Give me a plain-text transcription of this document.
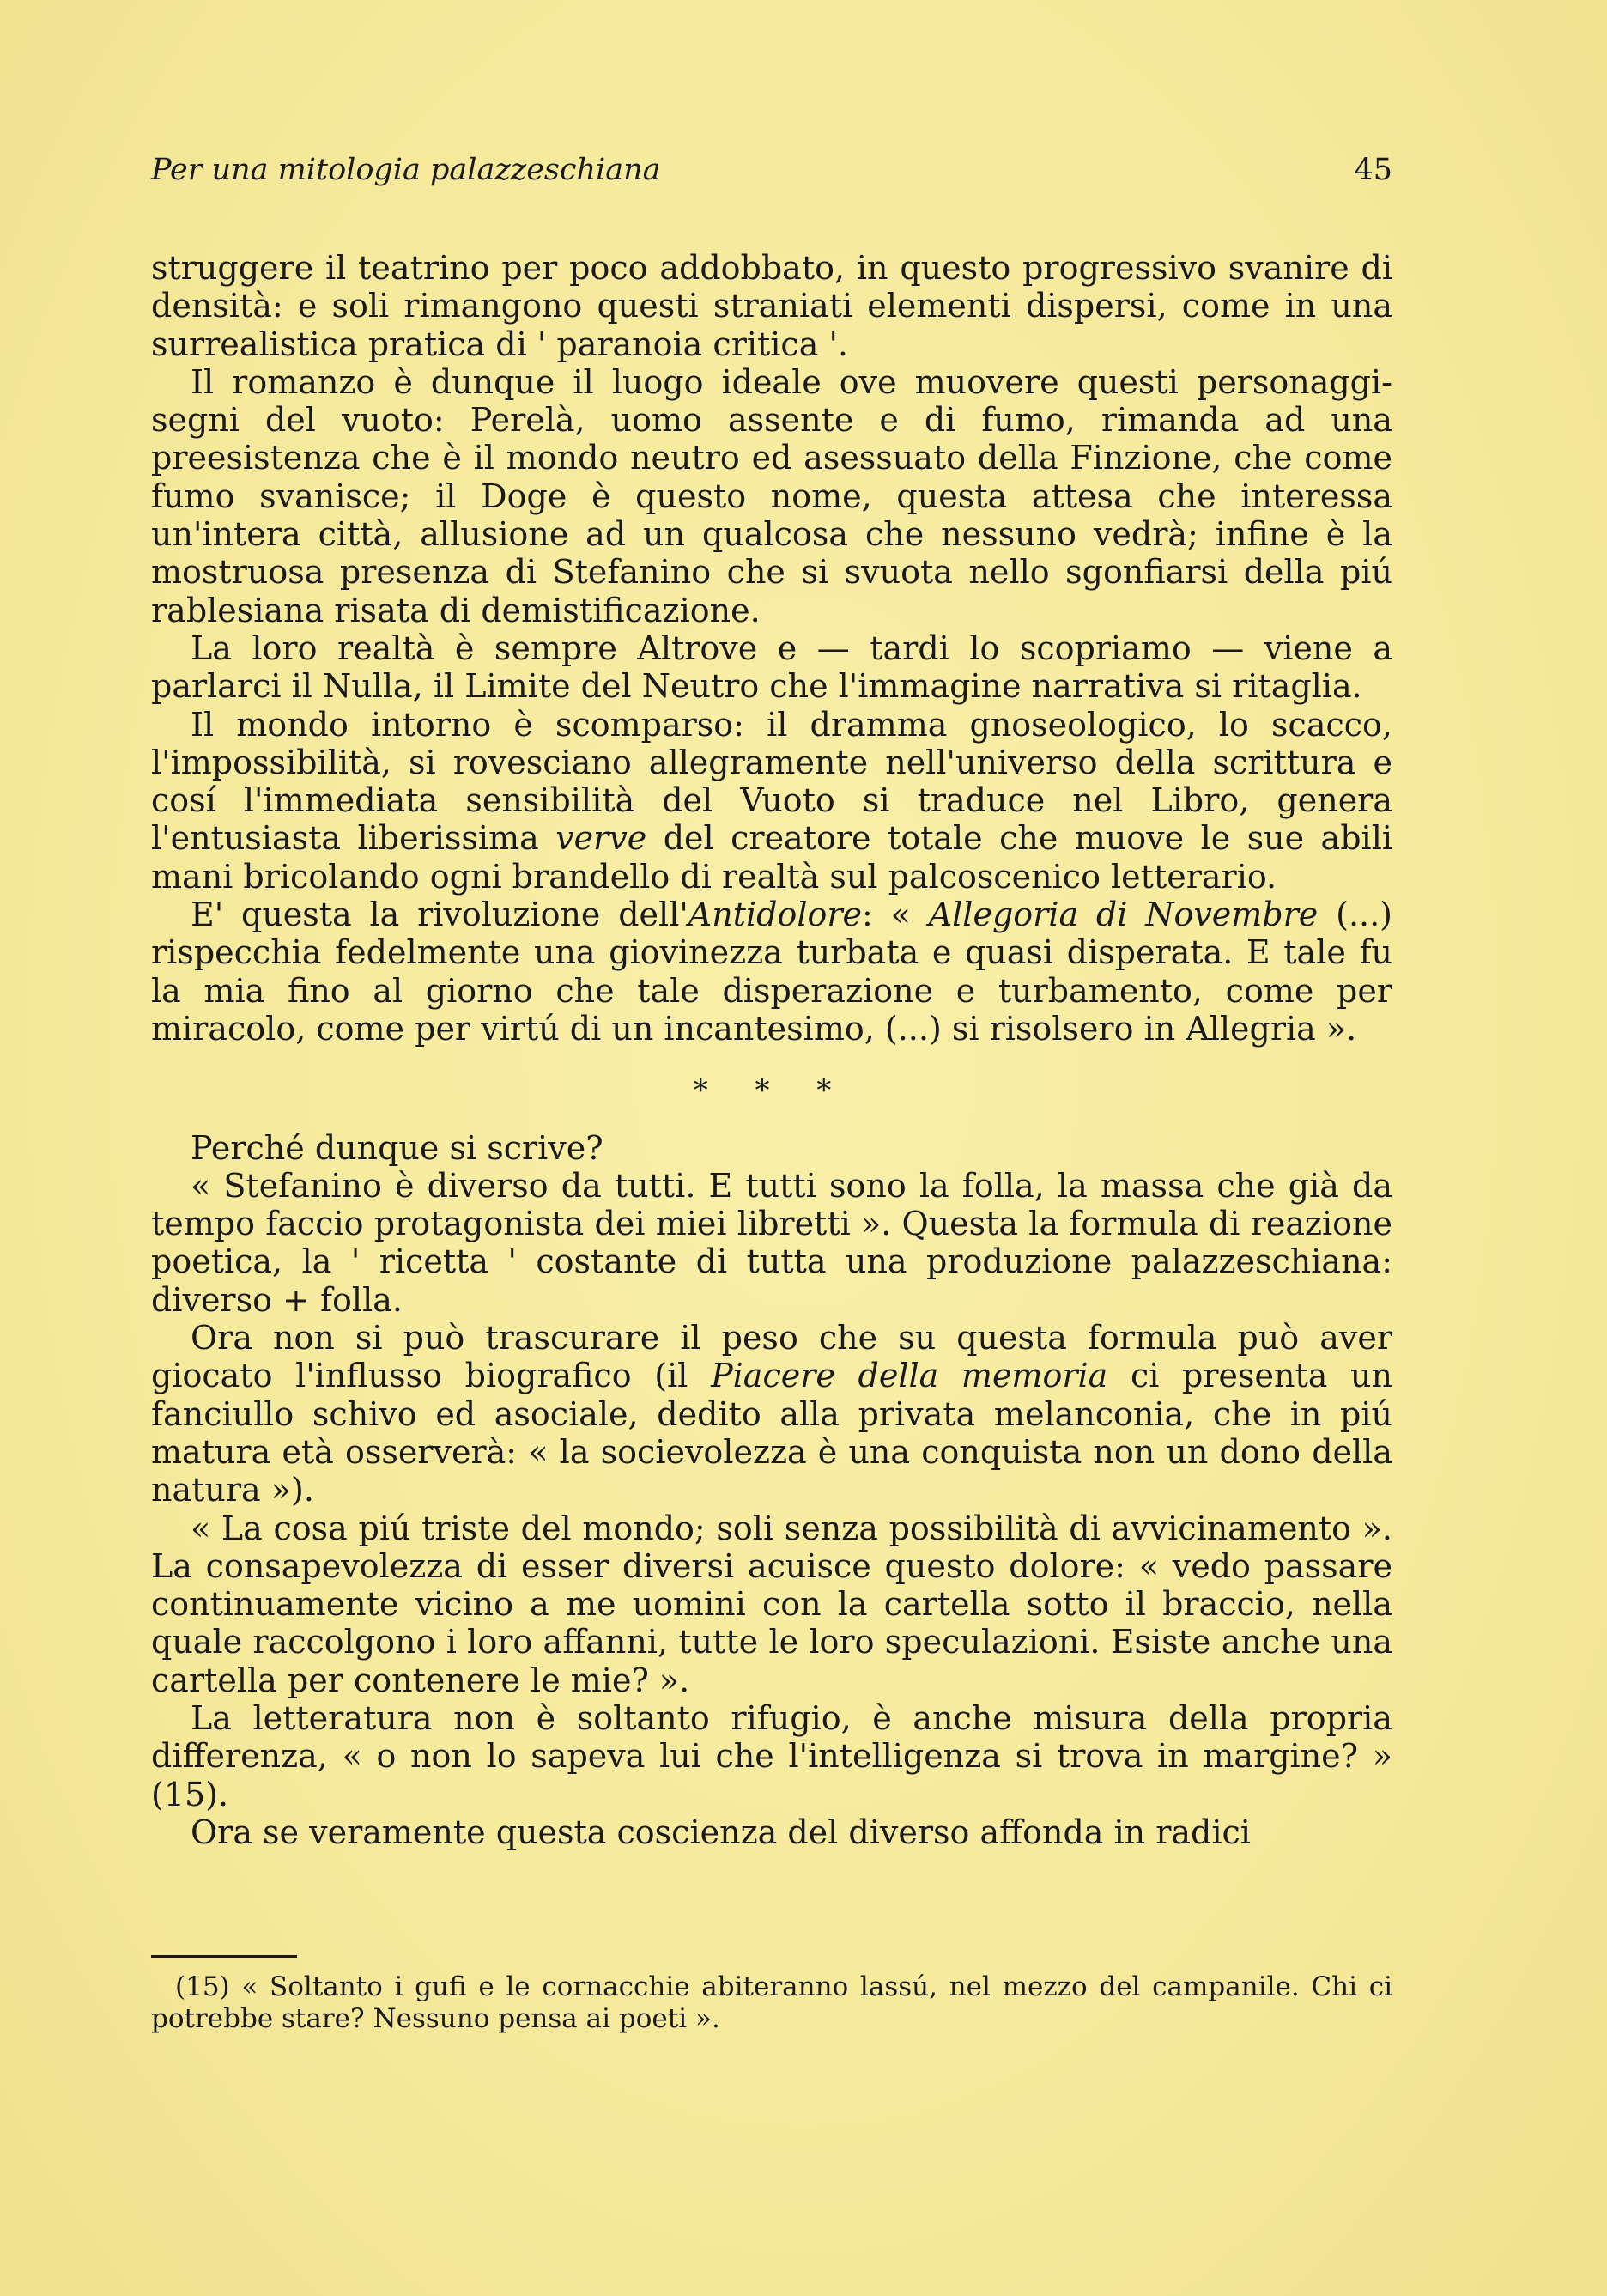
Per una mitologia palazzeschiana	45

struggere il teatrino per poco addobbato, in questo progressivo svanire di densità: e soli rimangono questi straniati elementi dispersi, come in una surrealistica pratica di ' paranoia critica '.

Il romanzo è dunque il luogo ideale ove muovere questi personaggi-segni del vuoto: Perelà, uomo assente e di fumo, rimanda ad una preesistenza che è il mondo neutro ed asessuato della Finzione, che come fumo svanisce; il Doge è questo nome, questa attesa che interessa un'intera città, allusione ad un qualcosa che nessuno vedrà; infine è la mostruosa presenza di Stefanino che si svuota nello sgonfiarsi della piú rablesiana risata di demistificazione.

La loro realtà è sempre Altrove e — tardi lo scopriamo — viene a parlarci il Nulla, il Limite del Neutro che l'immagine narrativa si ritaglia.

Il mondo intorno è scomparso: il dramma gnoseologico, lo scacco, l'impossibilità, si rovesciano allegramente nell'universo della scrittura e cosí l'immediata sensibilità del Vuoto si traduce nel Libro, genera l'entusiasta liberissima verve del creatore totale che muove le sue abili mani bricolando ogni brandello di realtà sul palcoscenico letterario.

E' questa la rivoluzione dell'Antidolore: « Allegoria di Novembre (...) rispecchia fedelmente una giovinezza turbata e quasi disperata. E tale fu la mia fino al giorno che tale disperazione e turbamento, come per miracolo, come per virtú di un incantesimo, (...) si risolsero in Allegria ».

* * *

Perché dunque si scrive?

« Stefanino è diverso da tutti. E tutti sono la folla, la massa che già da tempo faccio protagonista dei miei libretti ». Questa la formula di reazione poetica, la ' ricetta ' costante di tutta una produzione palazzeschiana: diverso + folla.

Ora non si può trascurare il peso che su questa formula può aver giocato l'influsso biografico (il Piacere della memoria ci presenta un fanciullo schivo ed asociale, dedito alla privata melanconia, che in piú matura età osserverà: « la socievolezza è una conquista non un dono della natura »).

« La cosa piú triste del mondo; soli senza possibilità di avvicinamento ». La consapevolezza di esser diversi acuisce questo dolore: « vedo passare continuamente vicino a me uomini con la cartella sotto il braccio, nella quale raccolgono i loro affanni, tutte le loro speculazioni. Esiste anche una cartella per contenere le mie? ».

La letteratura non è soltanto rifugio, è anche misura della propria differenza, « o non lo sapeva lui che l'intelligenza si trova in margine? » (15).

Ora se veramente questa coscienza del diverso affonda in radici

(15) « Soltanto i gufi e le cornacchie abiteranno lassú, nel mezzo del campanile. Chi ci potrebbe stare? Nessuno pensa ai poeti ».
